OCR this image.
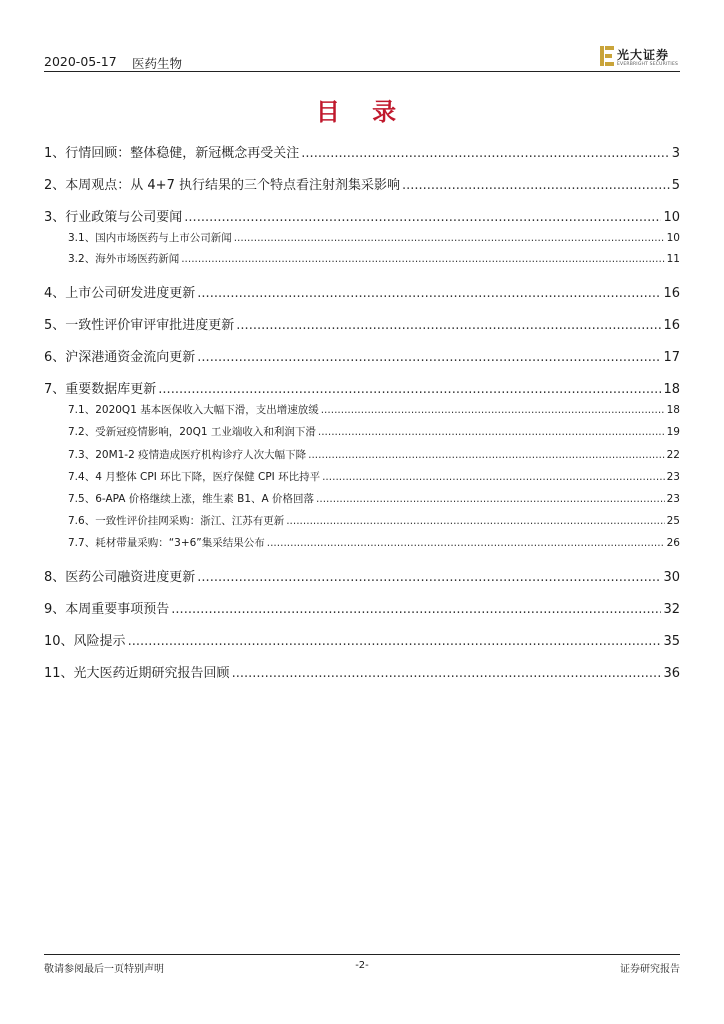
2020-05-17 医药生物
光大证券
EVERBRIGHT SECURITIES
目 录
1、 行情回顾：整体稳健，新冠概念再受关注 .....	3
2、 本周观点：从 4+7 执行结果的三个特点看注射剂集采影响 .....	5
3、 行业政策与公司要闻 .....	10
3.1、 国内市场医药与上市公司新闻 .....	10
3.2、 海外市场医药新闻 .....	11
4、 上市公司研发进度更新 .....	16
5、 一致性评价审评审批进度更新 .....	16
6、 沪深港通资金流向更新 .....	17
7、 重要数据库更新 .....	18
7.1、 2020Q1 基本医保收入大幅下滑，支出增速放缓 .....	18
7.2、 受新冠疫情影响，20Q1 工业端收入和利润下滑 .....	19
7.3、 20M1-2 疫情造成医疗机构诊疗人次大幅下降 .....	22
7.4、 4 月整体 CPI 环比下降，医疗保健 CPI 环比持平 .....	23
7.5、 6-APA 价格继续上涨，维生素 B1、A 价格回落 .....	23
7.6、 一致性评价挂网采购：浙江、江苏有更新 .....	25
7.7、 耗材带量采购：“3+6”集采结果公布 .....	26
8、 医药公司融资进度更新 .....	30
9、 本周重要事项预告 .....	32
10、 风险提示 .....	35
11、 光大医药近期研究报告回顾 .....	36
敬请参阅最后一页特别声明	-2-	证券研究报告
